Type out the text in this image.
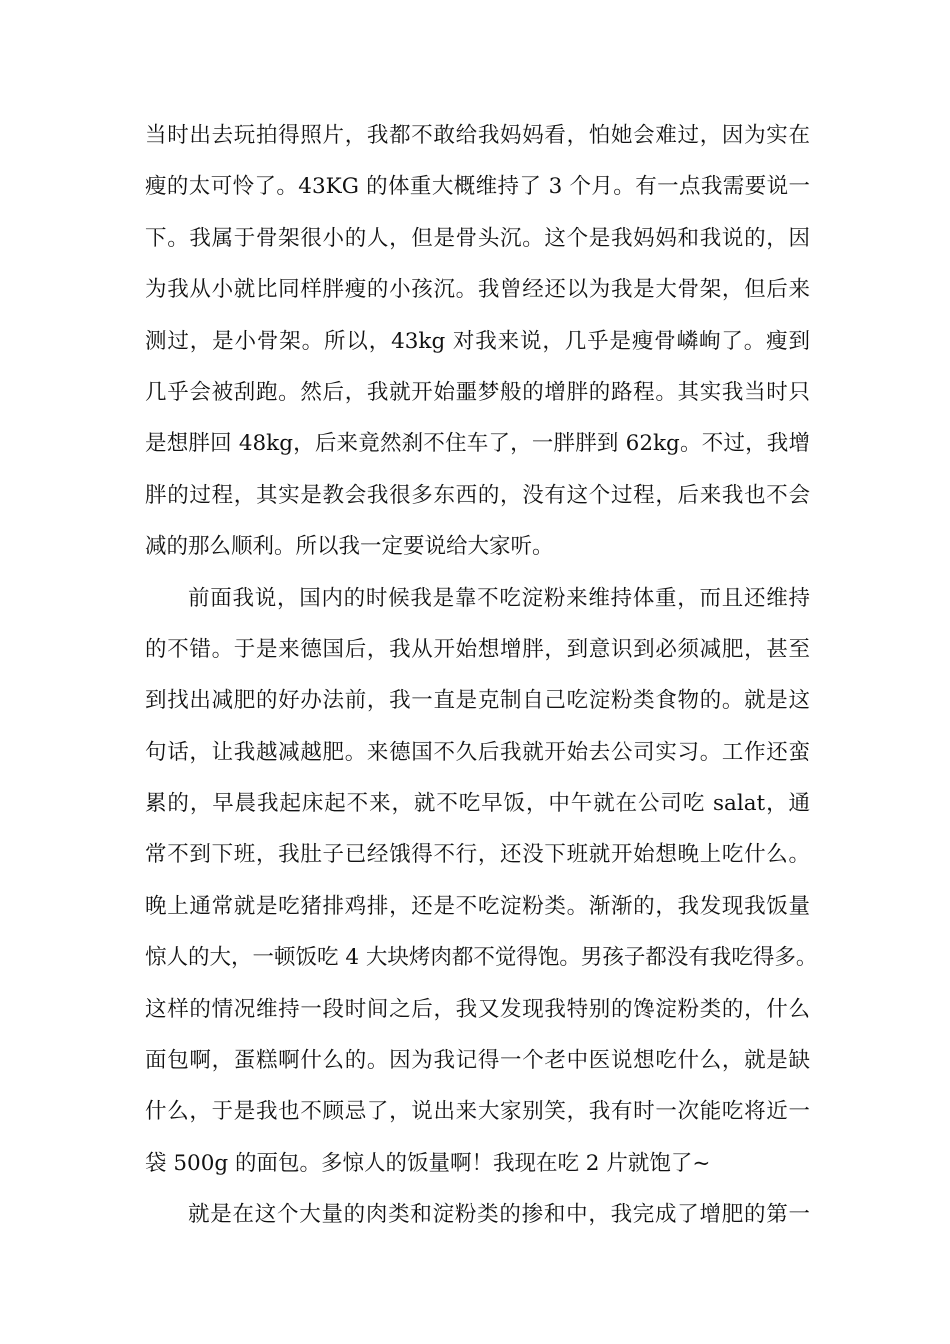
当时出去玩拍得照片，我都不敢给我妈妈看，怕她会难过，因为实在
瘦的太可怜了。43KG 的体重大概维持了 3 个月。有一点我需要说一
下。我属于骨架很小的人，但是骨头沉。这个是我妈妈和我说的，因
为我从小就比同样胖瘦的小孩沉。我曾经还以为我是大骨架，但后来
测过，是小骨架。所以，43kg 对我来说，几乎是瘦骨嶙峋了。瘦到
几乎会被刮跑。然后，我就开始噩梦般的增胖的路程。其实我当时只
是想胖回 48kg，后来竟然刹不住车了，一胖胖到 62kg。不过，我增
胖的过程，其实是教会我很多东西的，没有这个过程，后来我也不会
减的那么顺利。所以我一定要说给大家听。
前面我说，国内的时候我是靠不吃淀粉来维持体重，而且还维持
的不错。于是来德国后，我从开始想增胖，到意识到必须减肥，甚至
到找出减肥的好办法前，我一直是克制自己吃淀粉类食物的。就是这
句话，让我越减越肥。来德国不久后我就开始去公司实习。工作还蛮
累的，早晨我起床起不来，就不吃早饭，中午就在公司吃 salat，通
常不到下班，我肚子已经饿得不行，还没下班就开始想晚上吃什么。
晚上通常就是吃猪排鸡排，还是不吃淀粉类。渐渐的，我发现我饭量
惊人的大，一顿饭吃 4 大块烤肉都不觉得饱。男孩子都没有我吃得多。
这样的情况维持一段时间之后，我又发现我特别的馋淀粉类的，什么
面包啊，蛋糕啊什么的。因为我记得一个老中医说想吃什么，就是缺
什么，于是我也不顾忌了，说出来大家别笑，我有时一次能吃将近一
袋 500g 的面包。多惊人的饭量啊！我现在吃 2 片就饱了~
就是在这个大量的肉类和淀粉类的掺和中，我完成了增肥的第一
